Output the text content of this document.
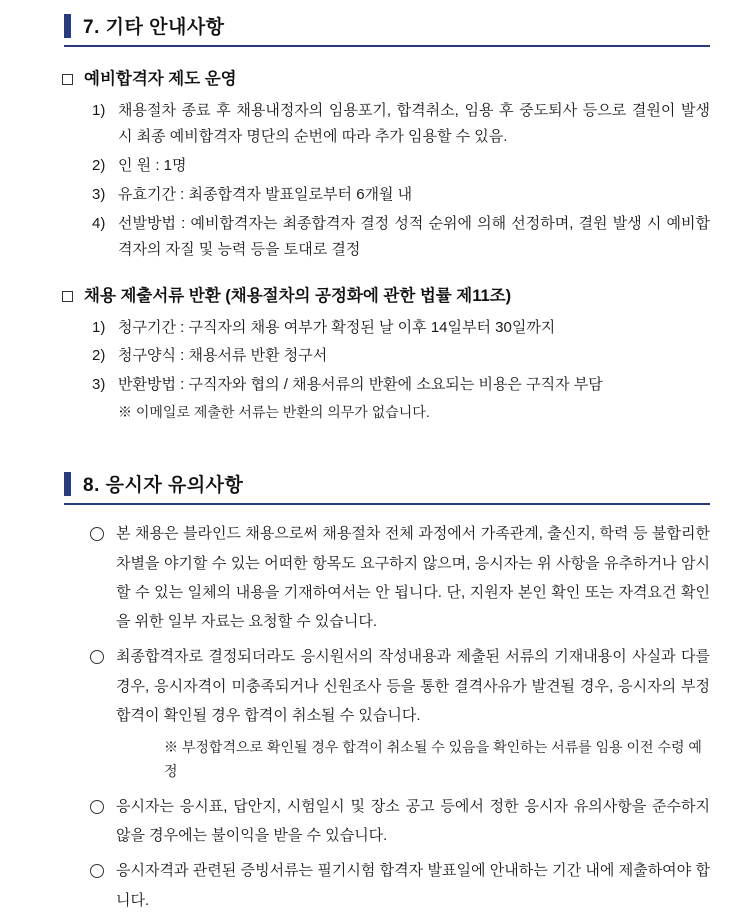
7. 기타 안내사항
예비합격자 제도 운영
1) 채용절차 종료 후 채용내정자의 임용포기, 합격취소, 임용 후 중도퇴사 등으로 결원이 발생 시 최종 예비합격자 명단의 순번에 따라 추가 임용할 수 있음.
2) 인 원 : 1명
3) 유효기간 : 최종합격자 발표일로부터 6개월 내
4) 선발방법 : 예비합격자는 최종합격자 결정 성적 순위에 의해 선정하며, 결원 발생 시 예비합격자의 자질 및 능력 등을 토대로 결정
채용 제출서류 반환 (채용절차의 공정화에 관한 법률 제11조)
1) 청구기간 : 구직자의 채용 여부가 확정된 날 이후 14일부터 30일까지
2) 청구양식 : 채용서류 반환 청구서
3) 반환방법 : 구직자와 협의 / 채용서류의 반환에 소요되는 비용은 구직자 부담
※ 이메일로 제출한 서류는 반환의 의무가 없습니다.
8. 응시자 유의사항
본 채용은 블라인드 채용으로써 채용절차 전체 과정에서 가족관계, 출신지, 학력 등 불합리한 차별을 야기할 수 있는 어떠한 항목도 요구하지 않으며, 응시자는 위 사항을 유추하거나 암시할 수 있는 일체의 내용을 기재하여서는 안 됩니다. 단, 지원자 본인 확인 또는 자격요건 확인을 위한 일부 자료는 요청할 수 있습니다.
최종합격자로 결정되더라도 응시원서의 작성내용과 제출된 서류의 기재내용이 사실과 다를 경우, 응시자격이 미충족되거나 신원조사 등을 통한 결격사유가 발견될 경우, 응시자의 부정합격이 확인될 경우 합격이 취소될 수 있습니다.
※ 부정합격으로 확인될 경우 합격이 취소될 수 있음을 확인하는 서류를 임용 이전 수령 예정
응시자는 응시표, 답안지, 시험일시 및 장소 공고 등에서 정한 응시자 유의사항을 준수하지 않을 경우에는 불이익을 받을 수 있습니다.
응시자격과 관련된 증빙서류는 필기시험 합격자 발표일에 안내하는 기간 내에 제출하여야 합니다.
